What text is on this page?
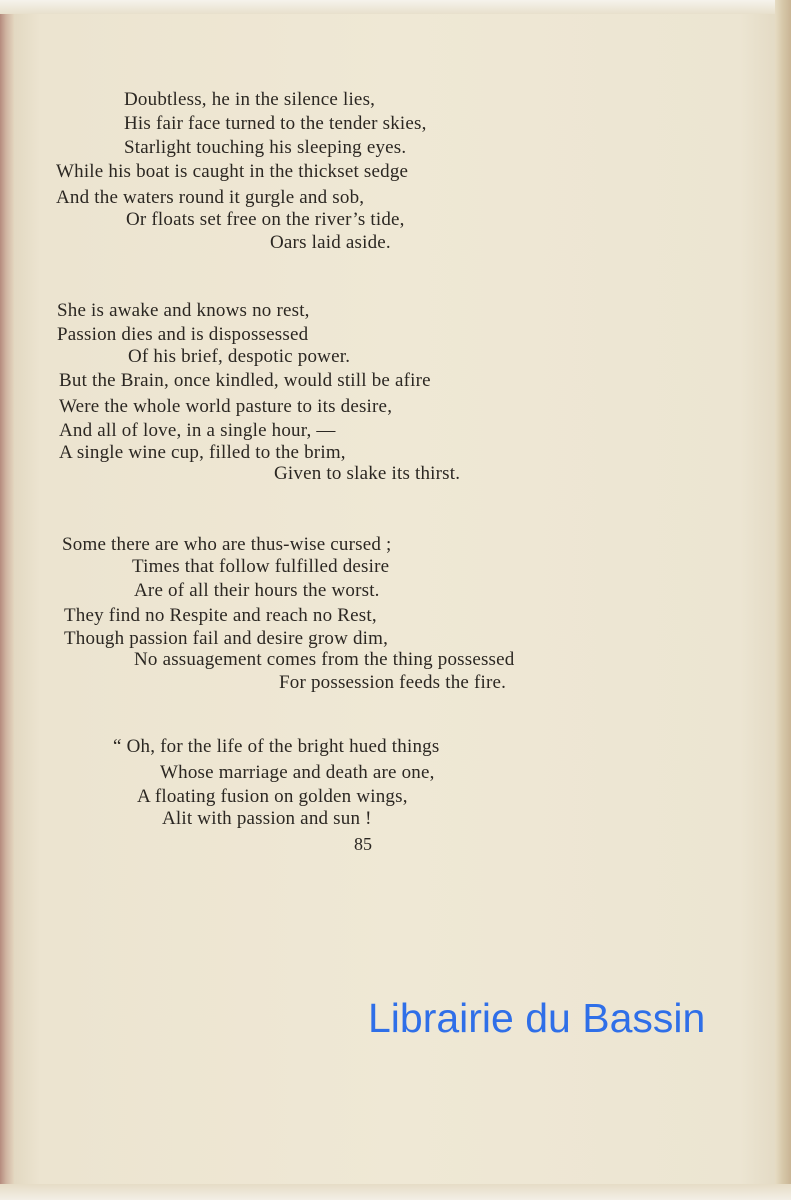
Doubtless, he in the silence lies,

His fair face turned to the tender skies,

Starlight touching his sleeping eyes.

While his boat is caught in the thickset sedge

And the waters round it gurgle and sob,

Or floats set free on the river’s tide,

Oars laid aside.

She is awake and knows no rest,

Passion dies and is dispossessed

Of his brief, despotic power.

But the Brain, once kindled, would still be afire

Were the whole world pasture to its desire,

And all of love, in a single hour, —

A single wine cup, filled to the brim,

Given to slake its thirst.

Some there are who are thus-wise cursed ;

Times that follow fulfilled desire

Are of all their hours the worst.

They find no Respite and reach no Rest,

Though passion fail and desire grow dim,

No assuagement comes from the thing possessed

For possession feeds the fire.

“ Oh, for the life of the bright hued things

Whose marriage and death are one,

A floating fusion on golden wings,

Alit with passion and sun !

85

Librairie du Bassin
